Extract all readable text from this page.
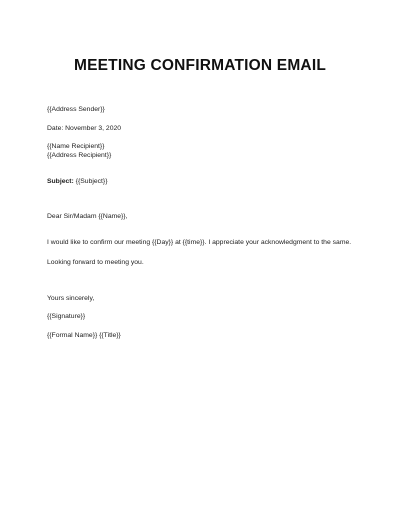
MEETING CONFIRMATION EMAIL
{{Address Sender}}
Date: November 3, 2020
{{Name Recipient}}
{{Address Recipient}}
Subject: {{Subject}}
Dear Sir/Madam {{Name}},
I would like to confirm our meeting {{Day}} at {{time}}. I appreciate your acknowledgment to the same.
Looking forward to meeting you.
Yours sincerely,
{{Signature}}
{{Formal Name}} {{Title}}
